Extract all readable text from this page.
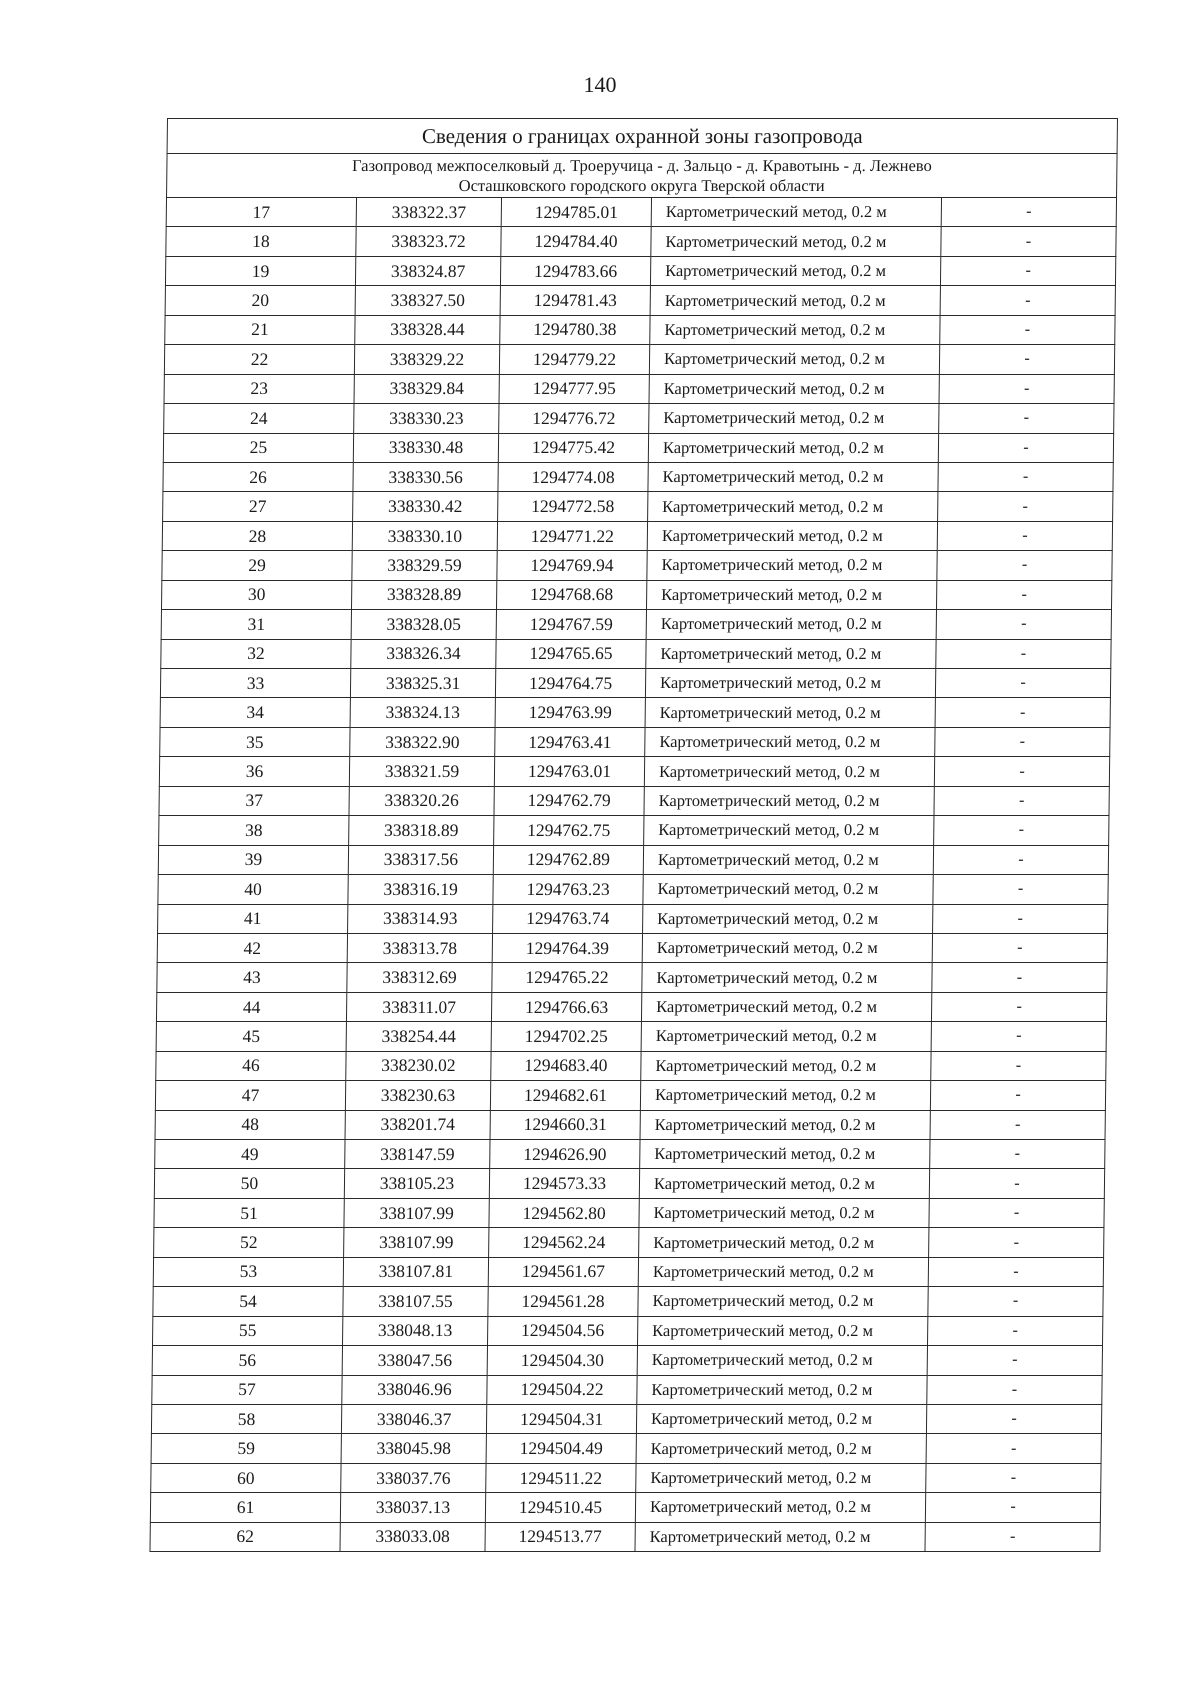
140
Сведения о границах охранной зоны газопровода				

Газопровод межпоселковый д. Троеручица - д. Зальцо - д. Кравотынь - д. Лежнево
Осташковского городского округа Тверской области				

17	338322.37	1294785.01	Картометрический метод, 0.2 м	-
18	338323.72	1294784.40	Картометрический метод, 0.2 м	-
19	338324.87	1294783.66	Картометрический метод, 0.2 м	-
20	338327.50	1294781.43	Картометрический метод, 0.2 м	-
21	338328.44	1294780.38	Картометрический метод, 0.2 м	-
22	338329.22	1294779.22	Картометрический метод, 0.2 м	-
23	338329.84	1294777.95	Картометрический метод, 0.2 м	-
24	338330.23	1294776.72	Картометрический метод, 0.2 м	-
25	338330.48	1294775.42	Картометрический метод, 0.2 м	-
26	338330.56	1294774.08	Картометрический метод, 0.2 м	-
27	338330.42	1294772.58	Картометрический метод, 0.2 м	-
28	338330.10	1294771.22	Картометрический метод, 0.2 м	-
29	338329.59	1294769.94	Картометрический метод, 0.2 м	-
30	338328.89	1294768.68	Картометрический метод, 0.2 м	-
31	338328.05	1294767.59	Картометрический метод, 0.2 м	-
32	338326.34	1294765.65	Картометрический метод, 0.2 м	-
33	338325.31	1294764.75	Картометрический метод, 0.2 м	-
34	338324.13	1294763.99	Картометрический метод, 0.2 м	-
35	338322.90	1294763.41	Картометрический метод, 0.2 м	-
36	338321.59	1294763.01	Картометрический метод, 0.2 м	-
37	338320.26	1294762.79	Картометрический метод, 0.2 м	-
38	338318.89	1294762.75	Картометрический метод, 0.2 м	-
39	338317.56	1294762.89	Картометрический метод, 0.2 м	-
40	338316.19	1294763.23	Картометрический метод, 0.2 м	-
41	338314.93	1294763.74	Картометрический метод, 0.2 м	-
42	338313.78	1294764.39	Картометрический метод, 0.2 м	-
43	338312.69	1294765.22	Картометрический метод, 0.2 м	-
44	338311.07	1294766.63	Картометрический метод, 0.2 м	-
45	338254.44	1294702.25	Картометрический метод, 0.2 м	-
46	338230.02	1294683.40	Картометрический метод, 0.2 м	-
47	338230.63	1294682.61	Картометрический метод, 0.2 м	-
48	338201.74	1294660.31	Картометрический метод, 0.2 м	-
49	338147.59	1294626.90	Картометрический метод, 0.2 м	-
50	338105.23	1294573.33	Картометрический метод, 0.2 м	-
51	338107.99	1294562.80	Картометрический метод, 0.2 м	-
52	338107.99	1294562.24	Картометрический метод, 0.2 м	-
53	338107.81	1294561.67	Картометрический метод, 0.2 м	-
54	338107.55	1294561.28	Картометрический метод, 0.2 м	-
55	338048.13	1294504.56	Картометрический метод, 0.2 м	-
56	338047.56	1294504.30	Картометрический метод, 0.2 м	-
57	338046.96	1294504.22	Картометрический метод, 0.2 м	-
58	338046.37	1294504.31	Картометрический метод, 0.2 м	-
59	338045.98	1294504.49	Картометрический метод, 0.2 м	-
60	338037.76	1294511.22	Картометрический метод, 0.2 м	-
61	338037.13	1294510.45	Картометрический метод, 0.2 м	-
62	338033.08	1294513.77	Картометрический метод, 0.2 м	-
